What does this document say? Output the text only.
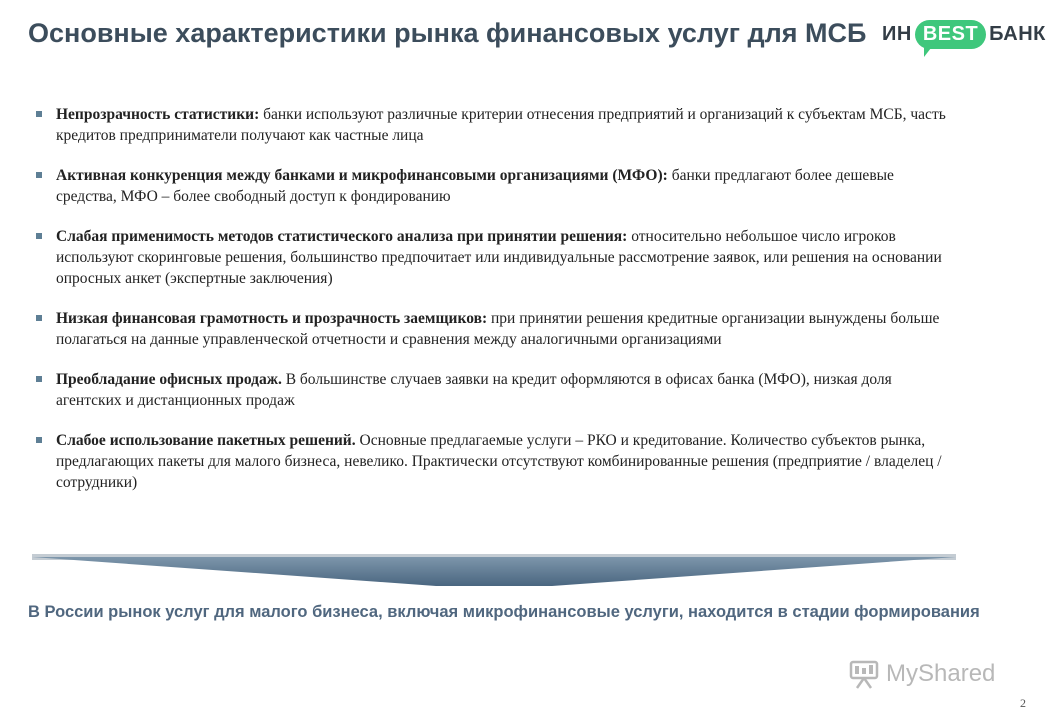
Основные характеристики рынка финансовых услуг для МСБ ИН BEST БАНК
Непрозрачность статистики: банки используют различные критерии отнесения предприятий и организаций к субъектам МСБ, часть кредитов предприниматели получают как частные лица
Активная конкуренция между банками и микрофинансовыми организациями (МФО): банки предлагают более дешевые средства, МФО – более свободный доступ к фондированию
Слабая применимость методов статистического анализа при принятии решения: относительно небольшое число игроков используют скоринговые решения, большинство предпочитает или индивидуальные рассмотрение заявок, или решения на основании опросных анкет (экспертные заключения)
Низкая финансовая грамотность и прозрачность заемщиков: при принятии решения кредитные организации вынуждены больше полагаться на данные управленческой отчетности и сравнения между аналогичными организациями
Преобладание офисных продаж. В большинстве случаев заявки на кредит оформляются в офисах банка (МФО), низкая доля агентских и дистанционных продаж
Слабое использование пакетных решений. Основные предлагаемые услуги – РКО и кредитование. Количество субъектов рынка, предлагающих пакеты для малого бизнеса, невелико. Практически отсутствуют комбинированные решения (предприятие / владелец / сотрудники)
В России рынок услуг для малого бизнеса, включая микрофинансовые услуги, находится в стадии формирования
MyShared
2
